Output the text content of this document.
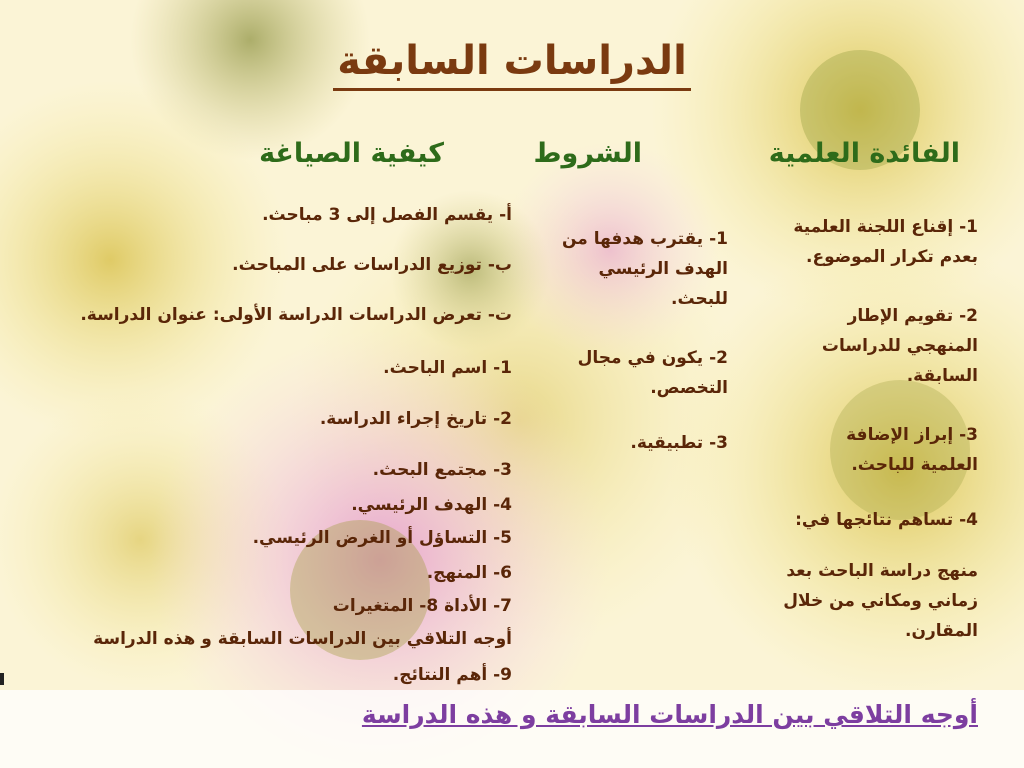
الدراسات السابقة
الفائدة العلمية
الشروط
كيفية الصياغة
1- إقناع اللجنة العلمية بعدم تكرار الموضوع.
2- تقويم الإطار المنهجي للدراسات السابقة.
3- إبراز الإضافة العلمية للباحث.
4- تساهم نتائجها في:
منهج دراسة الباحث بعد زماني ومكاني من خلال المقارن.
1- يقترب هدفها من الهدف الرئيسي للبحث.
2- يكون في مجال التخصص.
3- تطبيقية.
أ- يقسم الفصل إلى 3 مباحث.
ب- توزيع الدراسات على المباحث.
ت- تعرض الدراسات الدراسة الأولى: عنوان الدراسة.
1- اسم الباحث.
2- تاريخ إجراء الدراسة.
3- مجتمع البحث.
4- الهدف الرئيسي.
5- التساؤل أو الغرض الرئيسي.
6- المنهج.
7- الأداة 8- المتغيرات
أوجه التلاقي بين الدراسات السابقة و هذه الدراسة
9- أهم النتائج.
أوجه التلاقي بين الدراسات السابقة و هذه الدراسة
